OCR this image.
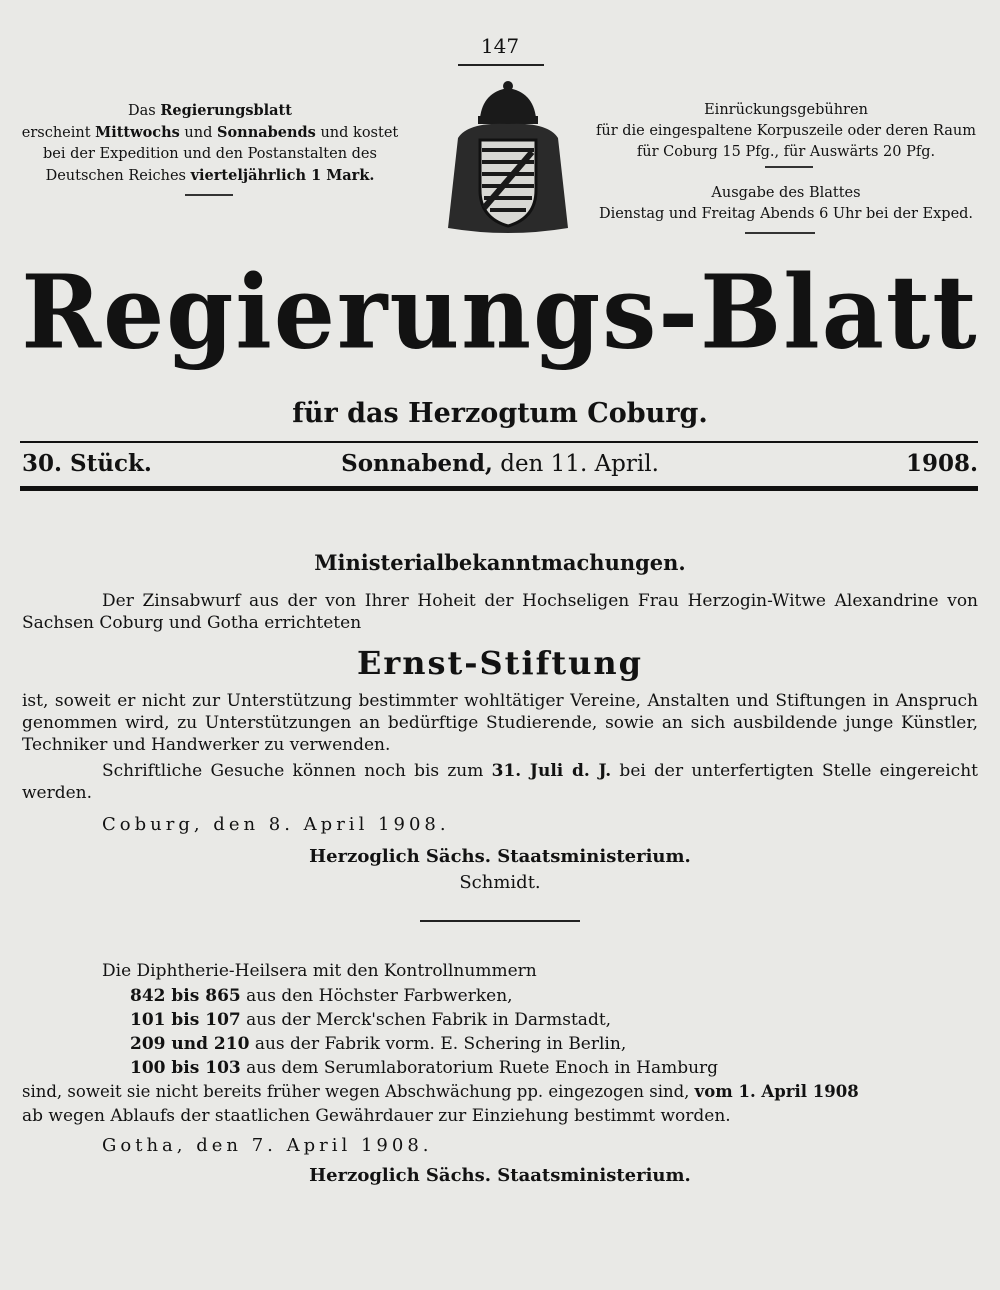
147
Das Regierungsblatt
erscheint Mittwochs und Sonnabends und kostet
bei der Expedition und den Postanstalten des
Deutschen Reiches vierteljährlich 1 Mark.
Einrückungsgebühren
für die eingespaltene Korpuszeile oder deren Raum
für Coburg 15 Pfg., für Auswärts 20 Pfg.
Ausgabe des Blattes
Dienstag und Freitag Abends 6 Uhr bei der Exped.
Regierungs-Blatt
für das Herzogtum Coburg.
30. Stück.	Sonnabend, den 11. April.	1908.
Ministerialbekanntmachungen.
Der Zinsabwurf aus der von Ihrer Hoheit der Hochseligen Frau Herzogin-Witwe Alexandrine von Sachsen Coburg und Gotha errichteten
Ernst-Stiftung
ist, soweit er nicht zur Unterstützung bestimmter wohltätiger Vereine, Anstalten und Stiftungen in Anspruch genommen wird, zu Unterstützungen an bedürftige Studierende, sowie an sich ausbildende junge Künstler, Techniker und Handwerker zu verwenden.
Schriftliche Gesuche können noch bis zum 31. Juli d. J. bei der unterfertigten Stelle eingereicht werden.
Coburg, den 8. April 1908.
Herzoglich Sächs. Staatsministerium.
Schmidt.
Die Diphtherie-Heilsera mit den Kontrollnummern
842 bis 865 aus den Höchster Farbwerken,
101 bis 107 aus der Merck'schen Fabrik in Darmstadt,
209 und 210 aus der Fabrik vorm. E. Schering in Berlin,
100 bis 103 aus dem Serumlaboratorium Ruete Enoch in Hamburg
sind, soweit sie nicht bereits früher wegen Abschwächung pp. eingezogen sind, vom 1. April 1908
ab wegen Ablaufs der staatlichen Gewährdauer zur Einziehung bestimmt worden.
Gotha, den 7. April 1908.
Herzoglich Sächs. Staatsministerium.
